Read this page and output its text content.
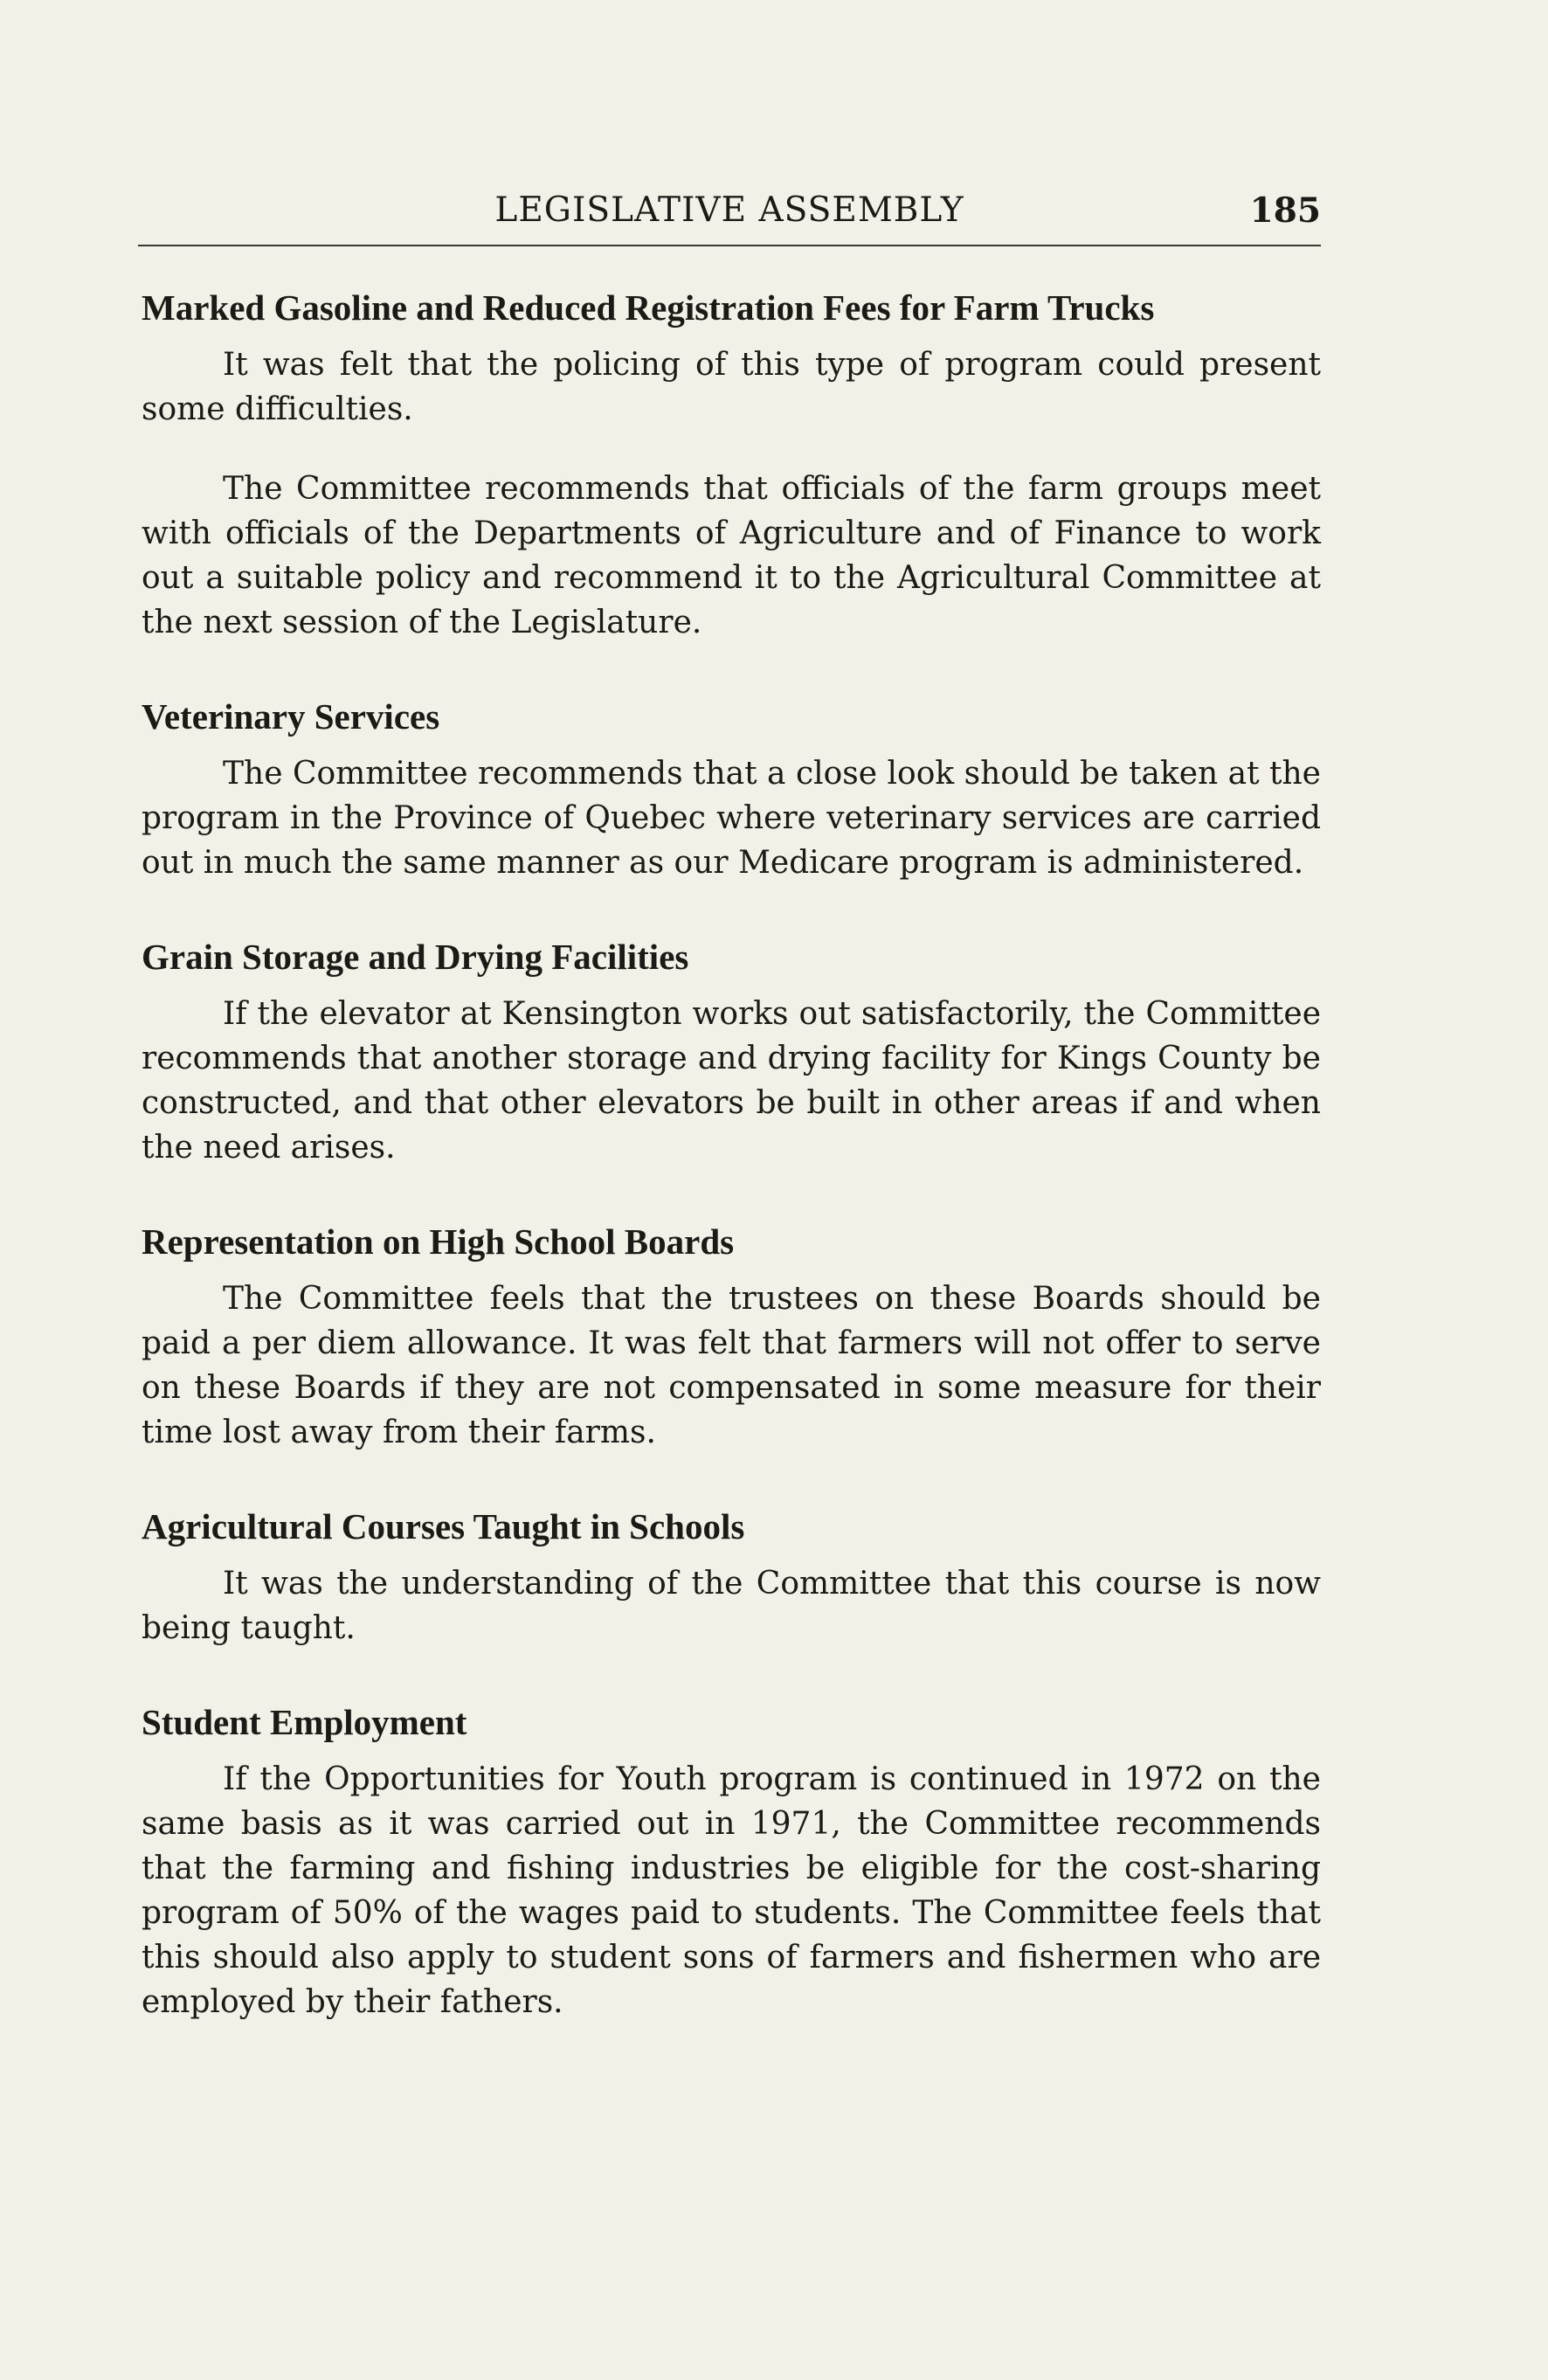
LEGISLATIVE ASSEMBLY	185
Marked Gasoline and Reduced Registration Fees for Farm Trucks

It was felt that the policing of this type of program could present some difficulties.

The Committee recommends that officials of the farm groups meet with officials of the Departments of Agriculture and of Finance to work out a suitable policy and recommend it to the Agricultural Committee at the next session of the Legislature.

Veterinary Services

The Committee recommends that a close look should be taken at the program in the Province of Quebec where veterinary services are carried out in much the same manner as our Medicare program is administered.

Grain Storage and Drying Facilities

If the elevator at Kensington works out satisfactorily, the Committee recommends that another storage and drying facility for Kings County be constructed, and that other elevators be built in other areas if and when the need arises.

Representation on High School Boards

The Committee feels that the trustees on these Boards should be paid a per diem allowance. It was felt that farmers will not offer to serve on these Boards if they are not compensated in some measure for their time lost away from their farms.

Agricultural Courses Taught in Schools

It was the understanding of the Committee that this course is now being taught.

Student Employment

If the Opportunities for Youth program is continued in 1972 on the same basis as it was carried out in 1971, the Committee recommends that the farming and fishing industries be eligible for the cost-sharing program of 50% of the wages paid to students. The Committee feels that this should also apply to student sons of farmers and fishermen who are employed by their fathers.
